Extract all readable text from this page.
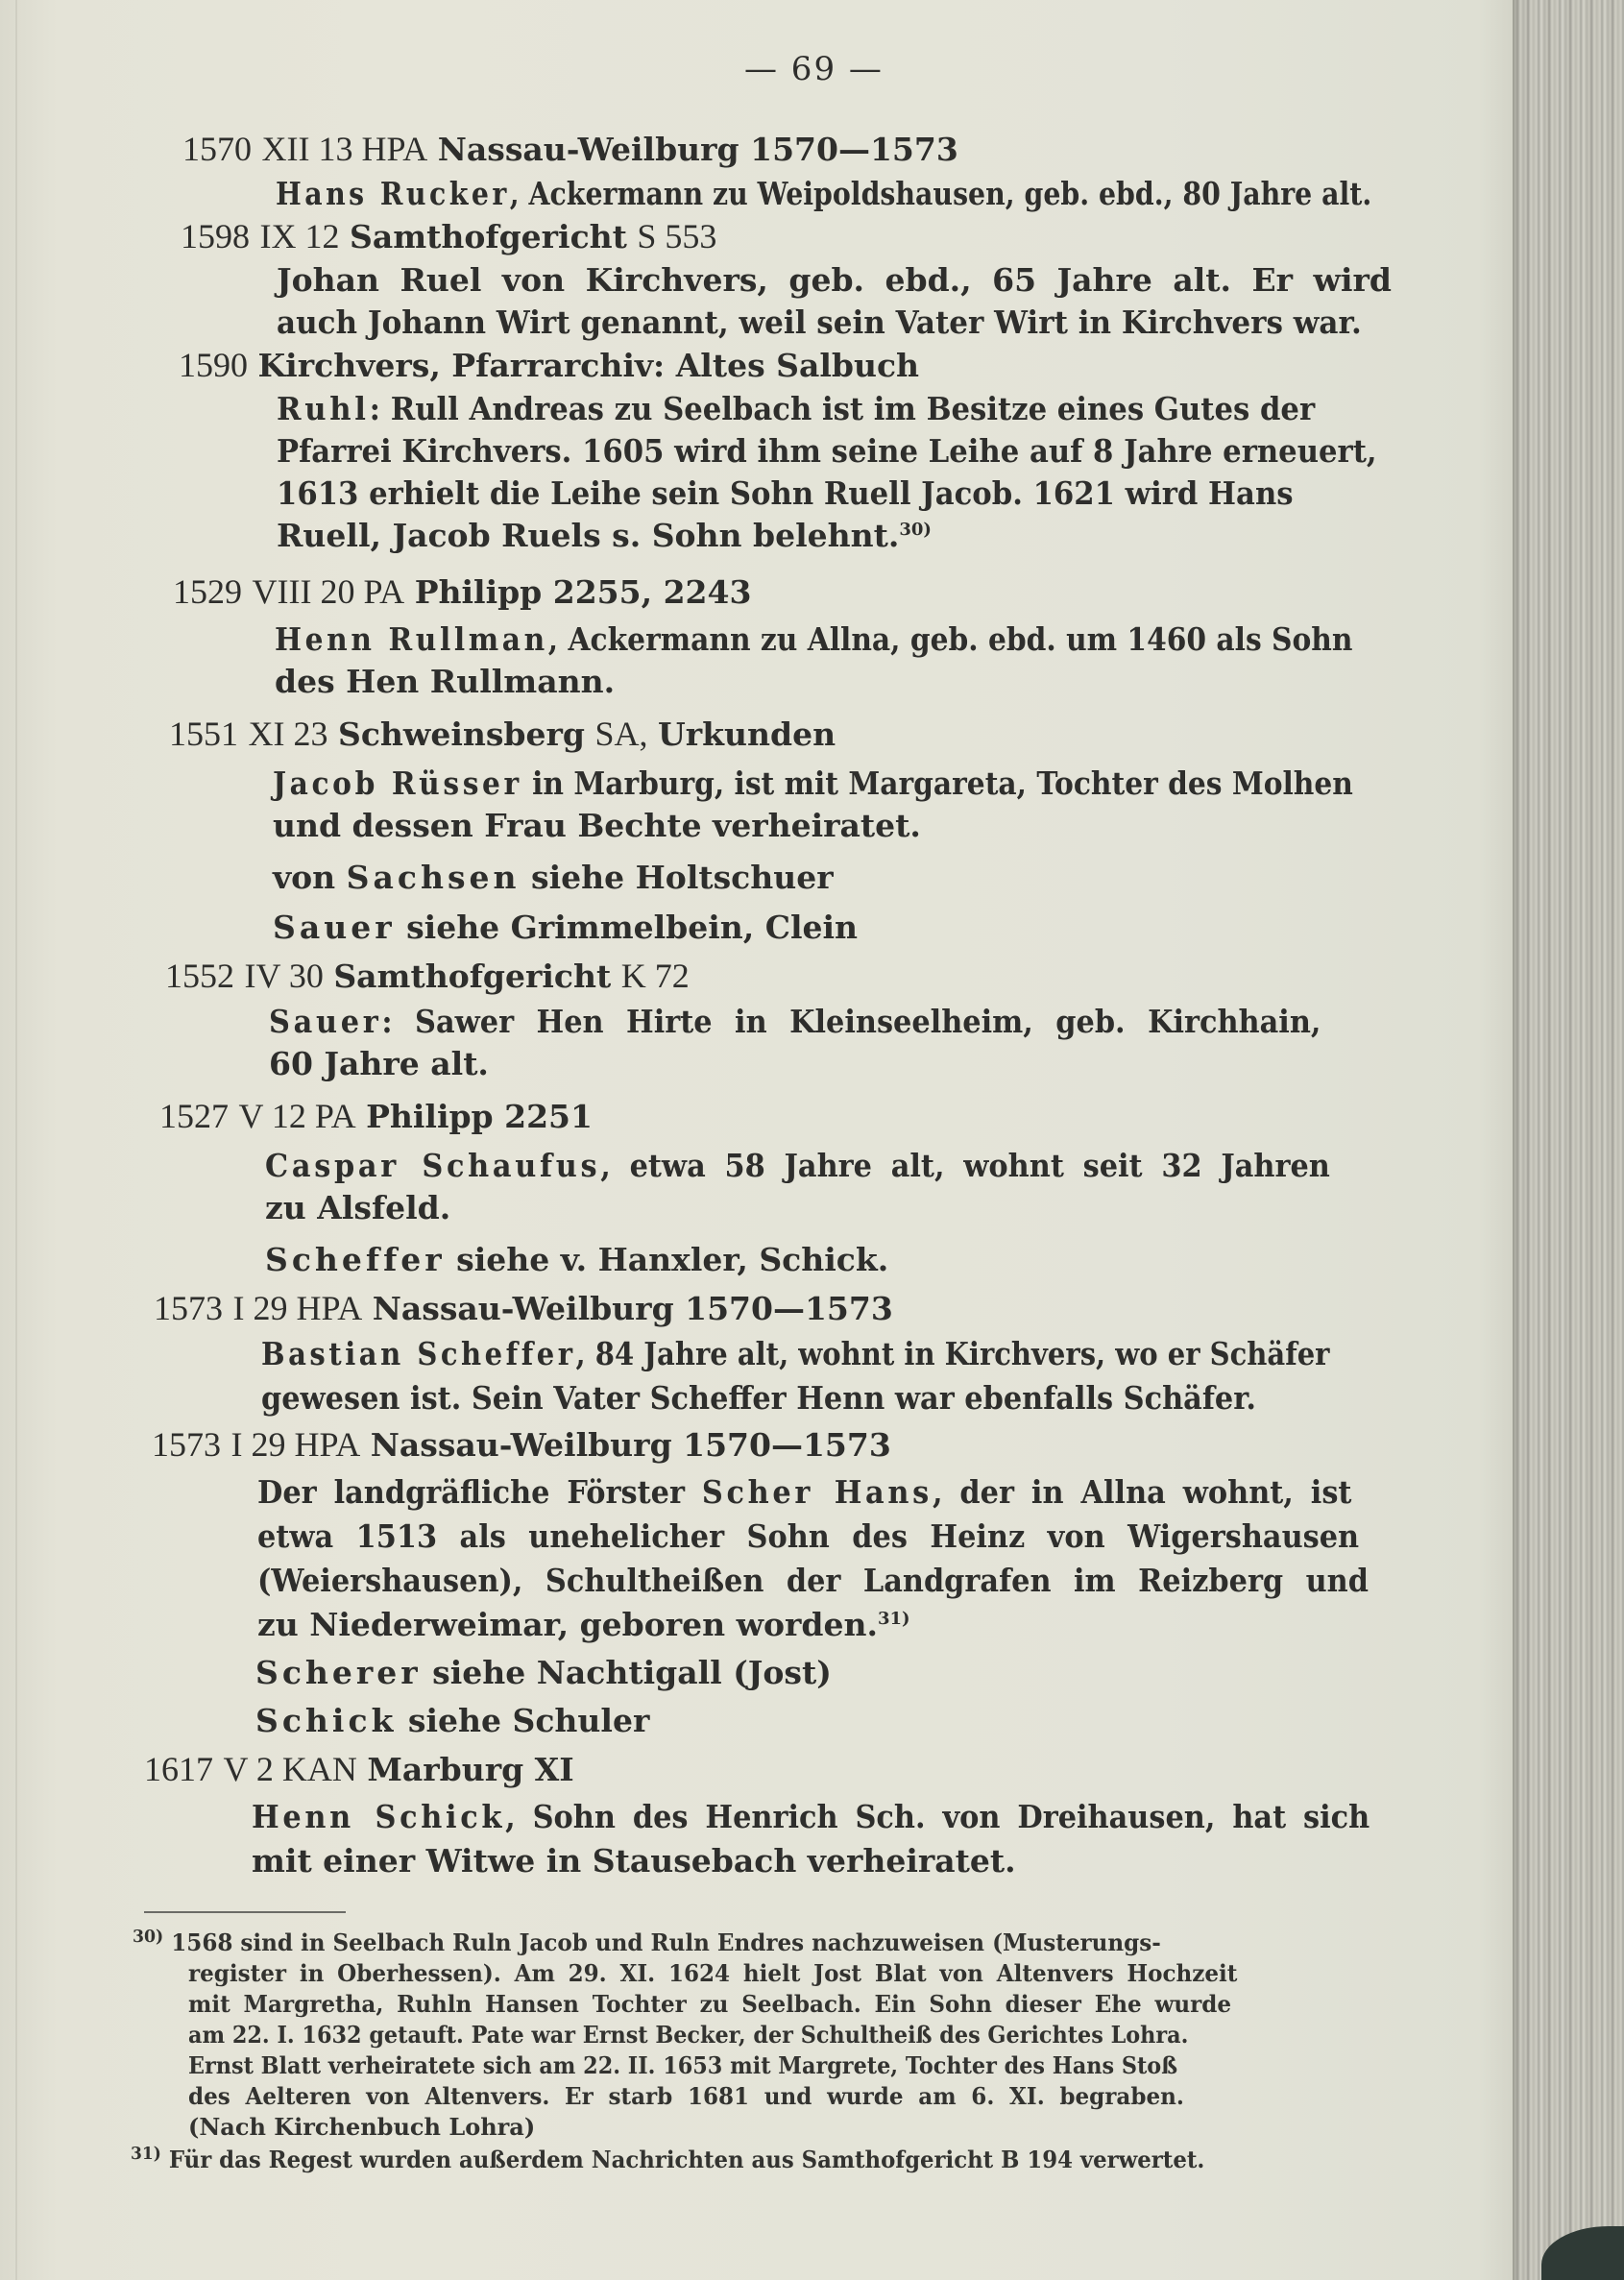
— 69 —
1570 XII 13 HPA Nassau-Weilburg 1570—1573
Hans Rucker, Ackermann zu Weipoldshausen, geb. ebd., 80 Jahre alt.
1598 IX 12 Samthofgericht S 553
Johan Ruel von Kirchvers, geb. ebd., 65 Jahre alt. Er wird
auch Johann Wirt genannt, weil sein Vater Wirt in Kirchvers war.
1590 Kirchvers, Pfarrarchiv: Altes Salbuch
Ruhl: Rull Andreas zu Seelbach ist im Besitze eines Gutes der
Pfarrei Kirchvers. 1605 wird ihm seine Leihe auf 8 Jahre erneuert,
1613 erhielt die Leihe sein Sohn Ruell Jacob. 1621 wird Hans
Ruell, Jacob Ruels s. Sohn belehnt.$^{30)}$
1529 VIII 20 PA Philipp 2255, 2243
Henn Rullman, Ackermann zu Allna, geb. ebd. um 1460 als Sohn
des Hen Rullmann.
1551 XI 23 Schweinsberg SA, Urkunden
Jacob Rüsser in Marburg, ist mit Margareta, Tochter des Molhen
und dessen Frau Bechte verheiratet.
von Sachsen siehe Holtschuer
Sauer siehe Grimmelbein, Clein
1552 IV 30 Samthofgericht K 72
Sauer: Sawer Hen Hirte in Kleinseelheim, geb. Kirchhain,
60 Jahre alt.
1527 V 12 PA Philipp 2251
Caspar Schaufus, etwa 58 Jahre alt, wohnt seit 32 Jahren
zu Alsfeld.
Scheffer siehe v. Hanxler, Schick.
1573 I 29 HPA Nassau-Weilburg 1570—1573
Bastian Scheffer, 84 Jahre alt, wohnt in Kirchvers, wo er Schäfer
gewesen ist. Sein Vater Scheffer Henn war ebenfalls Schäfer.
1573 I 29 HPA Nassau-Weilburg 1570—1573
Der landgräfliche Förster Scher Hans, der in Allna wohnt, ist
etwa 1513 als unehelicher Sohn des Heinz von Wigershausen
(Weiershausen), Schultheißen der Landgrafen im Reizberg und
zu Niederweimar, geboren worden.$^{31)}$
Scherer siehe Nachtigall (Jost)
Schick siehe Schuler
1617 V 2 KAN Marburg XI
Henn Schick, Sohn des Henrich Sch. von Dreihausen, hat sich
mit einer Witwe in Stausebach verheiratet.
$^{30)}$ 1568 sind in Seelbach Ruln Jacob und Ruln Endres nachzuweisen (Musterungs-
register in Oberhessen). Am 29. XI. 1624 hielt Jost Blat von Altenvers Hochzeit
mit Margretha, Ruhln Hansen Tochter zu Seelbach. Ein Sohn dieser Ehe wurde
am 22. I. 1632 getauft. Pate war Ernst Becker, der Schultheiß des Gerichtes Lohra.
Ernst Blatt verheiratete sich am 22. II. 1653 mit Margrete, Tochter des Hans Stoß
des Aelteren von Altenvers. Er starb 1681 und wurde am 6. XI. begraben.
(Nach Kirchenbuch Lohra)
$^{31)}$ Für das Regest wurden außerdem Nachrichten aus Samthofgericht B 194 verwertet.
